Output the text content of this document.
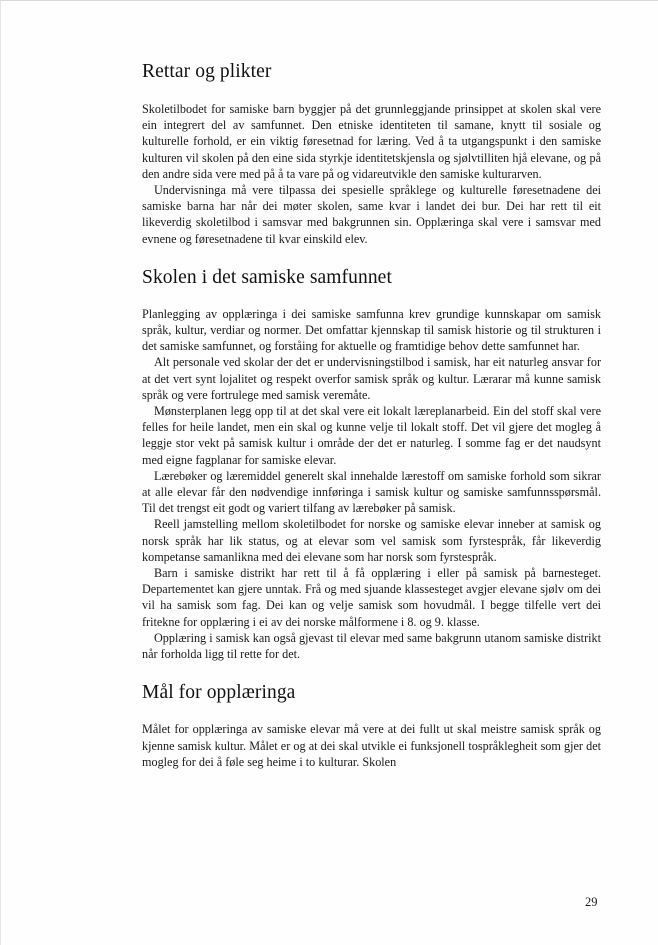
Rettar og plikter

Skoletilbodet for samiske barn byggjer på det grunnleggjande prinsippet at skolen skal vere ein integrert del av samfunnet. Den etniske identiteten til samane, knytt til sosiale og kulturelle forhold, er ein viktig føresetnad for læring. Ved å ta utgangspunkt i den samiske kulturen vil skolen på den eine sida styrkje identitetskjensla og sjølvtilliten hjå elevane, og på den andre sida vere med på å ta vare på og vidareutvikle den samiske kulturarven.

Undervisninga må vere tilpassa dei spesielle språklege og kulturelle føresetnadene dei samiske barna har når dei møter skolen, same kvar i landet dei bur. Dei har rett til eit likeverdig skoletilbod i samsvar med bakgrunnen sin. Opplæringa skal vere i samsvar med evnene og føresetnadene til kvar einskild elev.

Skolen i det samiske samfunnet

Planlegging av opplæringa i dei samiske samfunna krev grundige kunnskapar om samisk språk, kultur, verdiar og normer. Det omfattar kjennskap til samisk historie og til strukturen i det samiske samfunnet, og forståing for aktuelle og framtidige behov dette samfunnet har.

Alt personale ved skolar der det er undervisningstilbod i samisk, har eit naturleg ansvar for at det vert synt lojalitet og respekt overfor samisk språk og kultur. Lærarar må kunne samisk språk og vere fortrulege med samisk veremåte.

Mønsterplanen legg opp til at det skal vere eit lokalt læreplanarbeid. Ein del stoff skal vere felles for heile landet, men ein skal og kunne velje til lokalt stoff. Det vil gjere det mogleg å leggje stor vekt på samisk kultur i område der det er naturleg. I somme fag er det naudsynt med eigne fagplanar for samiske elevar.

Lærebøker og læremiddel generelt skal innehalde lærestoff om samiske forhold som sikrar at alle elevar får den nødvendige innføringa i samisk kultur og samiske samfunnsspørsmål. Til det trengst eit godt og variert tilfang av lærebøker på samisk.

Reell jamstelling mellom skoletilbodet for norske og samiske elevar inneber at samisk og norsk språk har lik status, og at elevar som vel samisk som fyrstespråk, får likeverdig kompetanse samanlikna med dei elevane som har norsk som fyrstespråk.

Barn i samiske distrikt har rett til å få opplæring i eller på samisk på barnesteget. Departementet kan gjere unntak. Frå og med sjuande klassesteget avgjer elevane sjølv om dei vil ha samisk som fag. Dei kan og velje samisk som hovudmål. I begge tilfelle vert dei fritekne for opplæring i ei av dei norske målformene i 8. og 9. klasse.

Opplæring i samisk kan også gjevast til elevar med same bakgrunn utanom samiske distrikt når forholda ligg til rette for det.

Mål for opplæringa

Målet for opplæringa av samiske elevar må vere at dei fullt ut skal meistre samisk språk og kjenne samisk kultur. Målet er og at dei skal utvikle ei funksjonell tospråklegheit som gjer det mogleg for dei å føle seg heime i to kulturar. Skolen

29
